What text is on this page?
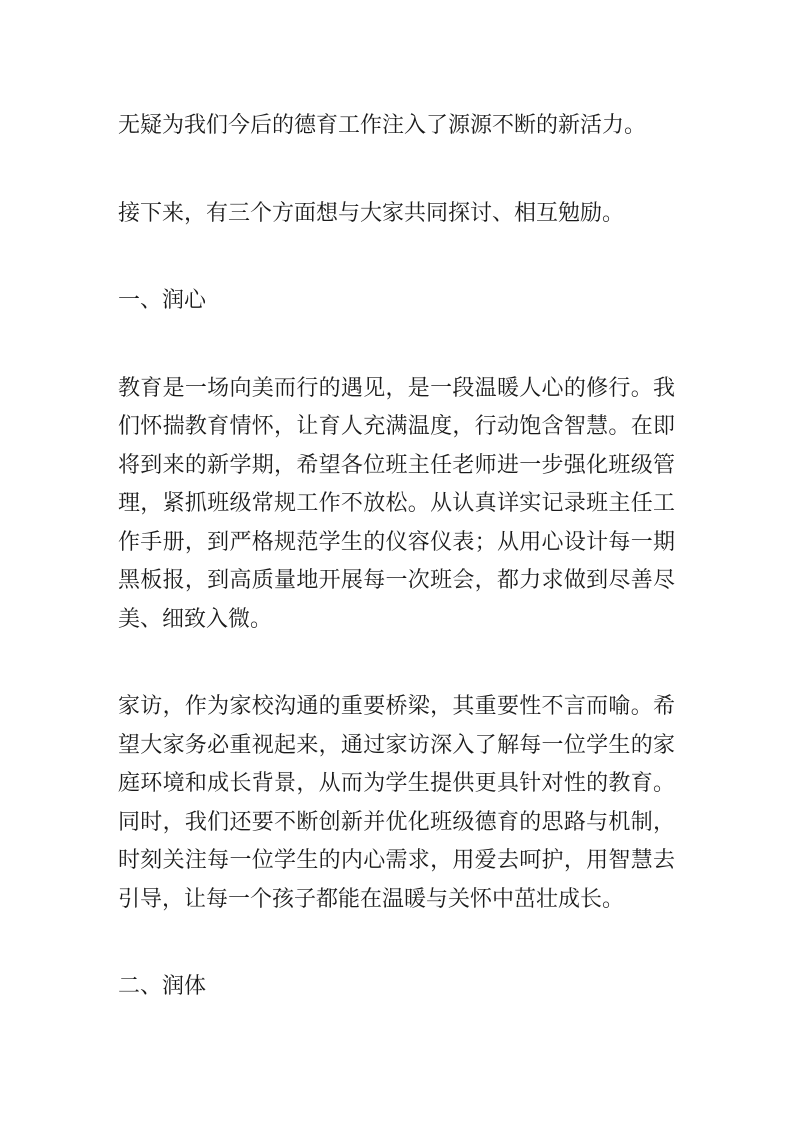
无疑为我们今后的德育工作注入了源源不断的新活力。

接下来，有三个方面想与大家共同探讨、相互勉励。

一、润心

教育是一场向美而行的遇见，是一段温暖人心的修行。我们怀揣教育情怀，让育人充满温度，行动饱含智慧。在即将到来的新学期，希望各位班主任老师进一步强化班级管理，紧抓班级常规工作不放松。从认真详实记录班主任工作手册，到严格规范学生的仪容仪表；从用心设计每一期黑板报，到高质量地开展每一次班会，都力求做到尽善尽美、细致入微。

家访，作为家校沟通的重要桥梁，其重要性不言而喻。希望大家务必重视起来，通过家访深入了解每一位学生的家庭环境和成长背景，从而为学生提供更具针对性的教育。同时，我们还要不断创新并优化班级德育的思路与机制，时刻关注每一位学生的内心需求，用爱去呵护，用智慧去引导，让每一个孩子都能在温暖与关怀中茁壮成长。

二、润体
